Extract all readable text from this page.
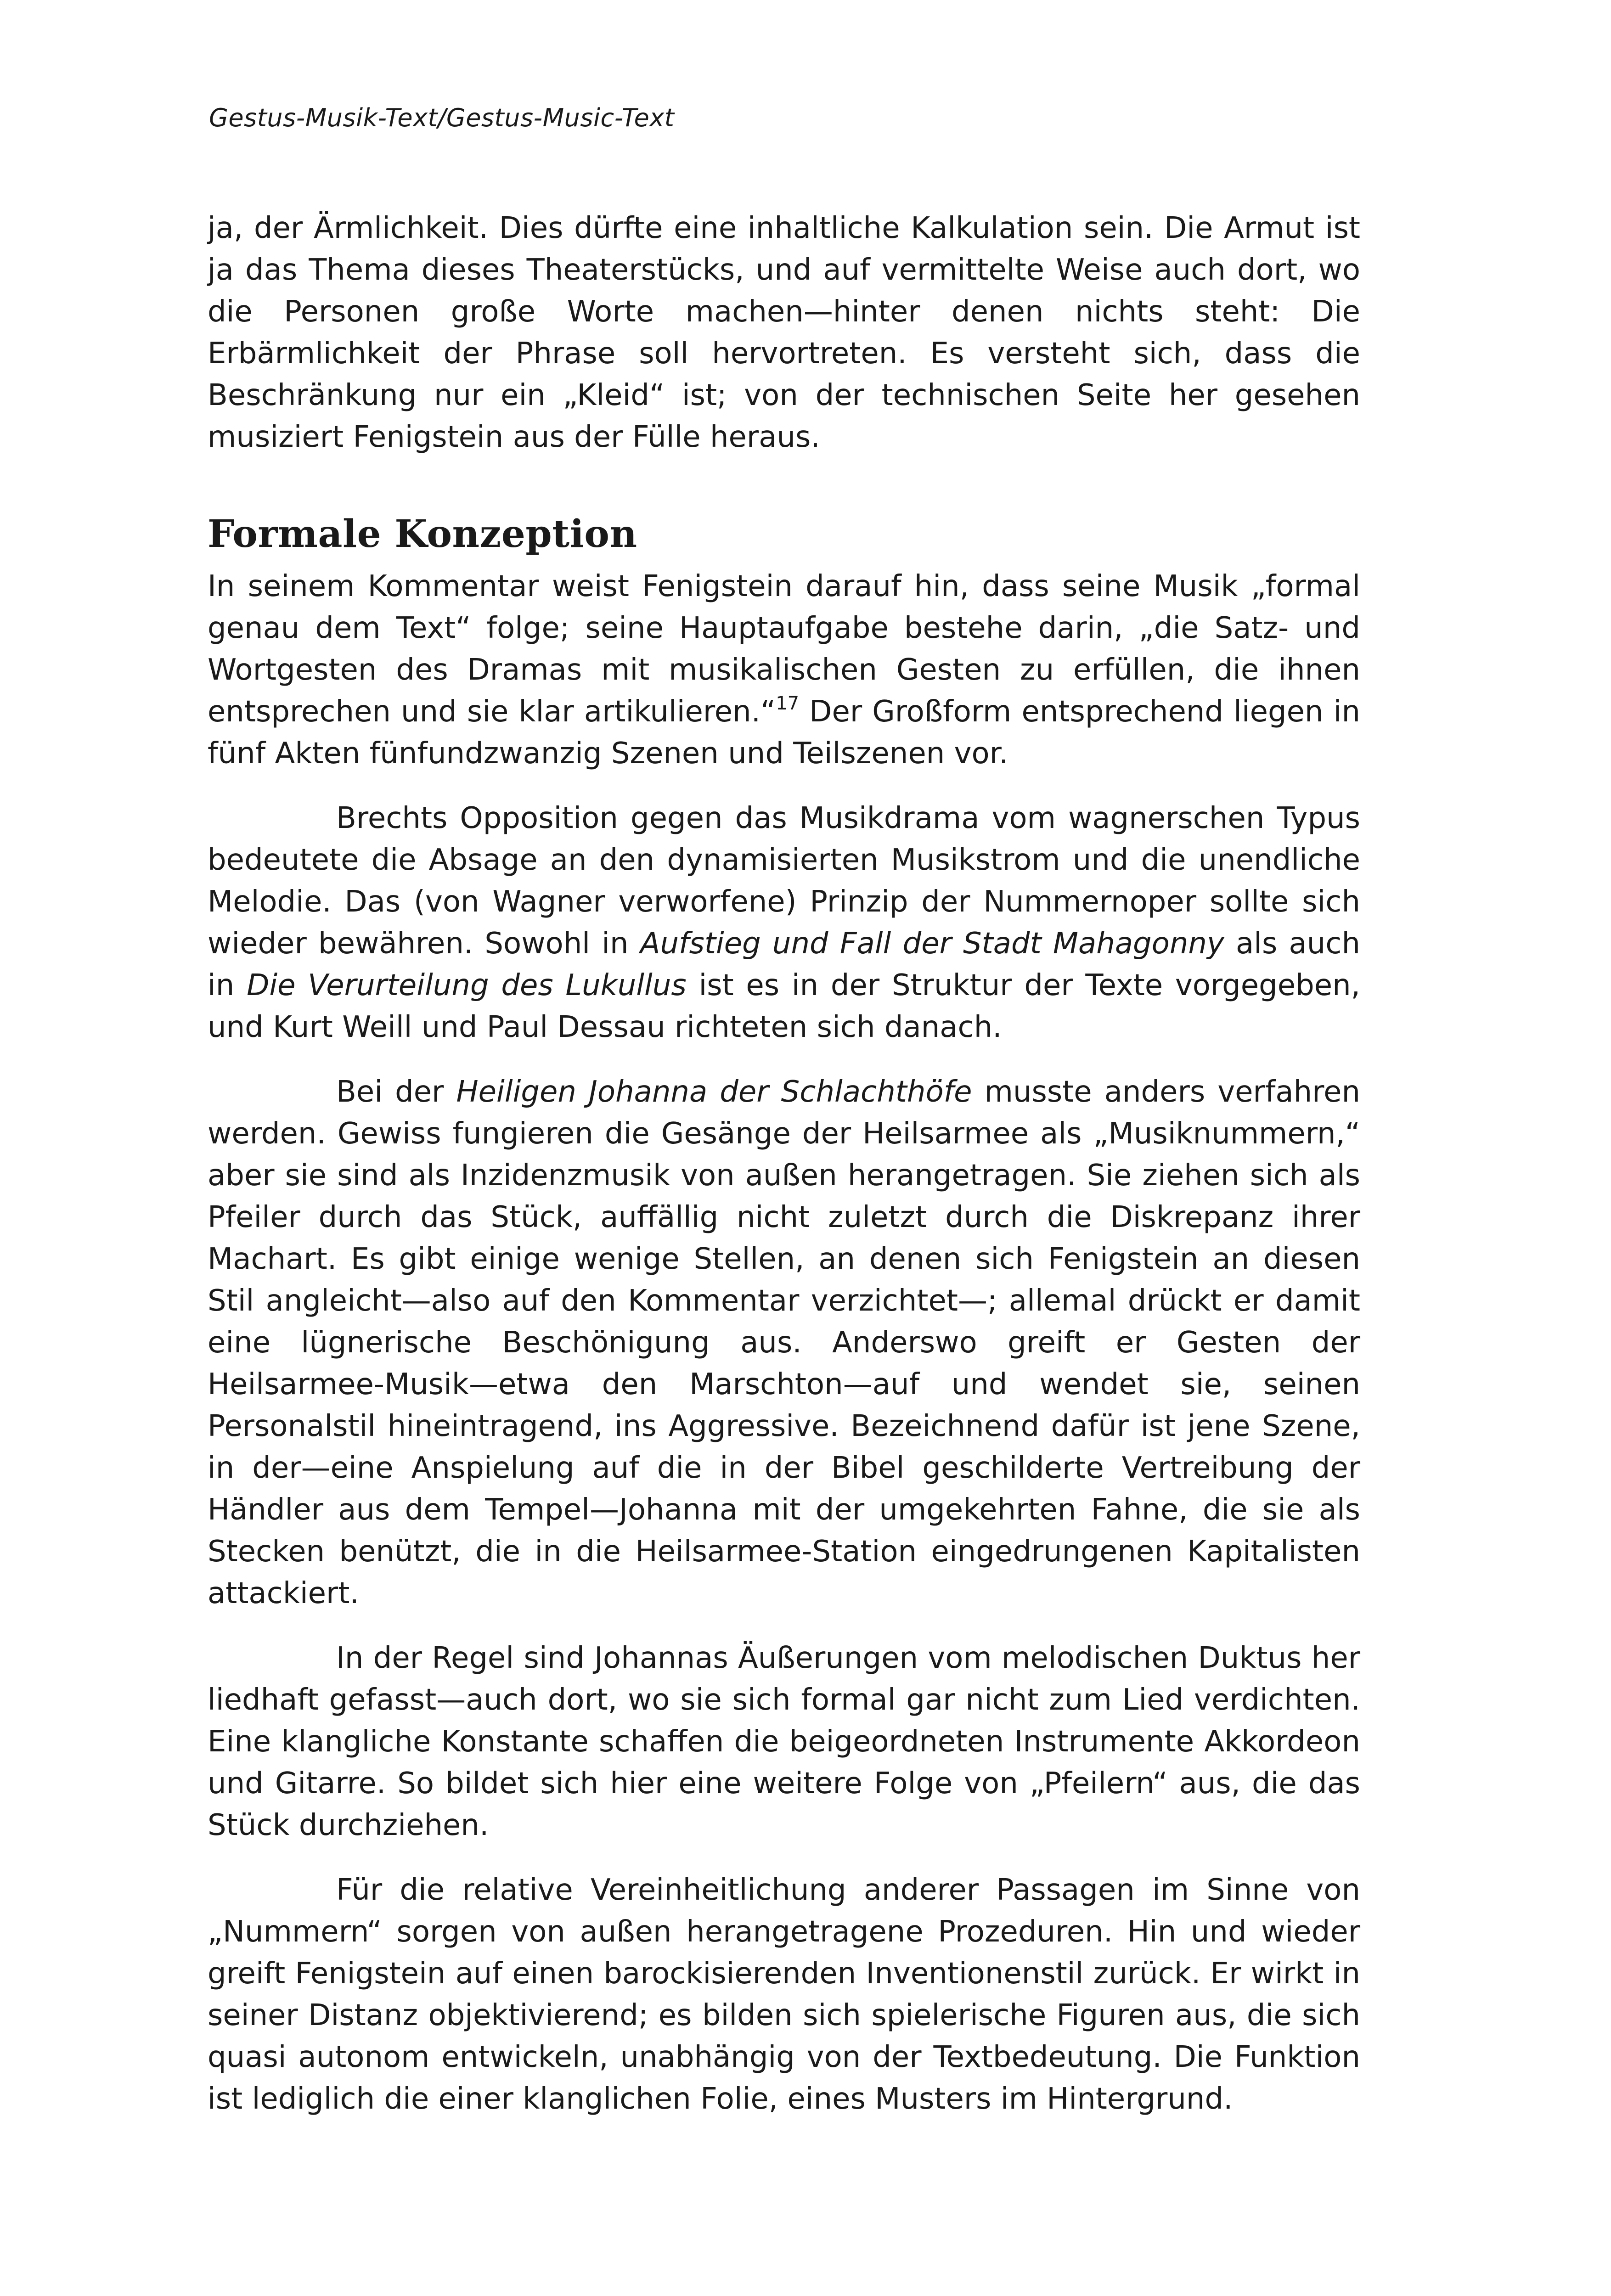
Gestus-Musik-Text/Gestus-Music-Text

ja, der Ärmlichkeit. Dies dürfte eine inhaltliche Kalkulation sein. Die Armut ist ja das Thema dieses Theaterstücks, und auf vermittelte Weise auch dort, wo die Personen große Worte machen—hinter denen nichts steht: Die Erbärmlichkeit der Phrase soll hervortreten. Es versteht sich, dass die Beschränkung nur ein „Kleid“ ist; von der technischen Seite her gesehen musiziert Fenigstein aus der Fülle heraus.

Formale Konzeption

In seinem Kommentar weist Fenigstein darauf hin, dass seine Musik „formal genau dem Text“ folge; seine Hauptaufgabe bestehe darin, „die Satz- und Wortgesten des Dramas mit musikalischen Gesten zu erfüllen, die ihnen entsprechen und sie klar artikulieren.“$^{17}$ Der Großform entsprechend liegen in fünf Akten fünfundzwanzig Szenen und Teilszenen vor.

Brechts Opposition gegen das Musikdrama vom wagnerschen Typus bedeutete die Absage an den dynamisierten Musikstrom und die unendliche Melodie. Das (von Wagner verworfene) Prinzip der Nummernoper sollte sich wieder bewähren. Sowohl in Aufstieg und Fall der Stadt Mahagonny als auch in Die Verurteilung des Lukullus ist es in der Struktur der Texte vorgegeben, und Kurt Weill und Paul Dessau richteten sich danach.

Bei der Heiligen Johanna der Schlachthöfe musste anders verfahren werden. Gewiss fungieren die Gesänge der Heilsarmee als „Musiknummern,“ aber sie sind als Inzidenzmusik von außen herangetragen. Sie ziehen sich als Pfeiler durch das Stück, auffällig nicht zuletzt durch die Diskrepanz ihrer Machart. Es gibt einige wenige Stellen, an denen sich Fenigstein an diesen Stil angleicht—also auf den Kommentar verzichtet—; allemal drückt er damit eine lügnerische Beschönigung aus. Anderswo greift er Gesten der Heilsarmee-Musik—etwa den Marschton—auf und wendet sie, seinen Personalstil hineintragend, ins Aggressive. Bezeichnend dafür ist jene Szene, in der—eine Anspielung auf die in der Bibel geschilderte Vertreibung der Händler aus dem Tempel—Johanna mit der umgekehrten Fahne, die sie als Stecken benützt, die in die Heilsarmee-Station eingedrungenen Kapitalisten attackiert.

In der Regel sind Johannas Äußerungen vom melodischen Duktus her liedhaft gefasst—auch dort, wo sie sich formal gar nicht zum Lied verdichten. Eine klangliche Konstante schaffen die beigeordneten Instrumente Akkordeon und Gitarre. So bildet sich hier eine weitere Folge von „Pfeilern“ aus, die das Stück durchziehen.

Für die relative Vereinheitlichung anderer Passagen im Sinne von „Nummern“ sorgen von außen herangetragene Prozeduren. Hin und wieder greift Fenigstein auf einen barockisierenden Inventionenstil zurück. Er wirkt in seiner Distanz objektivierend; es bilden sich spielerische Figuren aus, die sich quasi autonom entwickeln, unabhängig von der Textbedeutung. Die Funktion ist lediglich die einer klanglichen Folie, eines Musters im Hintergrund.
